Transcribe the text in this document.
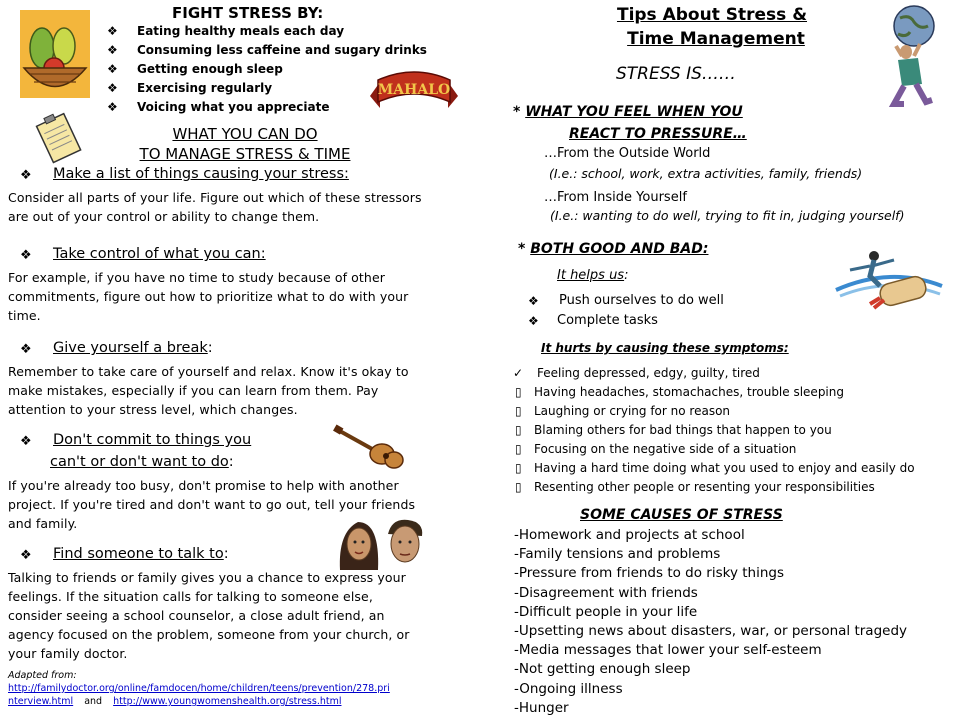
FIGHT STRESS BY:
❖ Eating healthy meals each day
❖ Consuming less caffeine and sugary drinks
❖ Getting enough sleep
❖ Exercising regularly
❖ Voicing what you appreciate
MAHALO
WHAT YOU CAN DO
TO MANAGE STRESS & TIME
❖ Make a list of things causing your stress:
Consider all parts of your life. Figure out which of these stressors are out of your control or ability to change them.
❖ Take control of what you can:
For example, if you have no time to study because of other commitments, figure out how to prioritize what to do with your time.
❖ Give yourself a break:
Remember to take care of yourself and relax. Know it's okay to make mistakes, especially if you can learn from them. Pay attention to your stress level, which changes.
❖ Don't commit to things you
can't or don't want to do:
If you're already too busy, don't promise to help with another project. If you're tired and don't want to go out, tell your friends and family.
❖ Find someone to talk to:
Talking to friends or family gives you a chance to express your feelings. If the situation calls for talking to someone else, consider seeing a school counselor, a close adult friend, an agency focused on the problem, someone from your church, or your family doctor.
Adapted from:
http://familydoctor.org/online/famdocen/home/children/teens/prevention/278.pri
nterview.html and http://www.youngwomenshealth.org/stress.html
Tips About Stress &
Time Management
STRESS IS……
* WHAT YOU FEEL WHEN YOU
REACT TO PRESSURE…
…From the Outside World
(I.e.: school, work, extra activities, family, friends)
…From Inside Yourself
(I.e.: wanting to do well, trying to fit in, judging yourself)
* BOTH GOOD AND BAD:
It helps us:
❖ Push ourselves to do well
❖ Complete tasks
It hurts by causing these symptoms:
✓ Feeling depressed, edgy, guilty, tired
▯ Having headaches, stomachaches, trouble sleeping
▯ Laughing or crying for no reason
▯ Blaming others for bad things that happen to you
▯ Focusing on the negative side of a situation
▯ Having a hard time doing what you used to enjoy and easily do
▯ Resenting other people or resenting your responsibilities
SOME CAUSES OF STRESS
-Homework and projects at school
-Family tensions and problems
-Pressure from friends to do risky things
-Disagreement with friends
-Difficult people in your life
-Upsetting news about disasters, war, or personal tragedy
-Media messages that lower your self-esteem
-Not getting enough sleep
-Ongoing illness
-Hunger
